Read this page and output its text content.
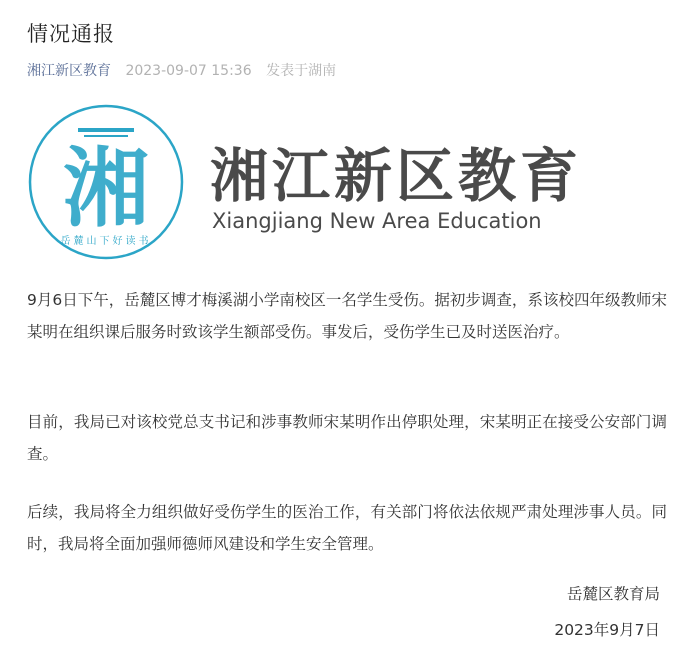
情况通报
湘江新区教育 2023-09-07 15:36 发表于湖南
湘
岳麓山下好读书
湘江新区教育
Xiangjiang New Area Education

9月6日下午，岳麓区博才梅溪湖小学南校区一名学生受伤。据初步调查，系该校四年级教师宋某明在组织课后服务时致该学生额部受伤。事发后，受伤学生已及时送医治疗。

目前，我局已对该校党总支书记和涉事教师宋某明作出停职处理，宋某明正在接受公安部门调查。

后续，我局将全力组织做好受伤学生的医治工作，有关部门将依法依规严肃处理涉事人员。同时，我局将全面加强师德师风建设和学生安全管理。

岳麓区教育局
2023年9月7日
